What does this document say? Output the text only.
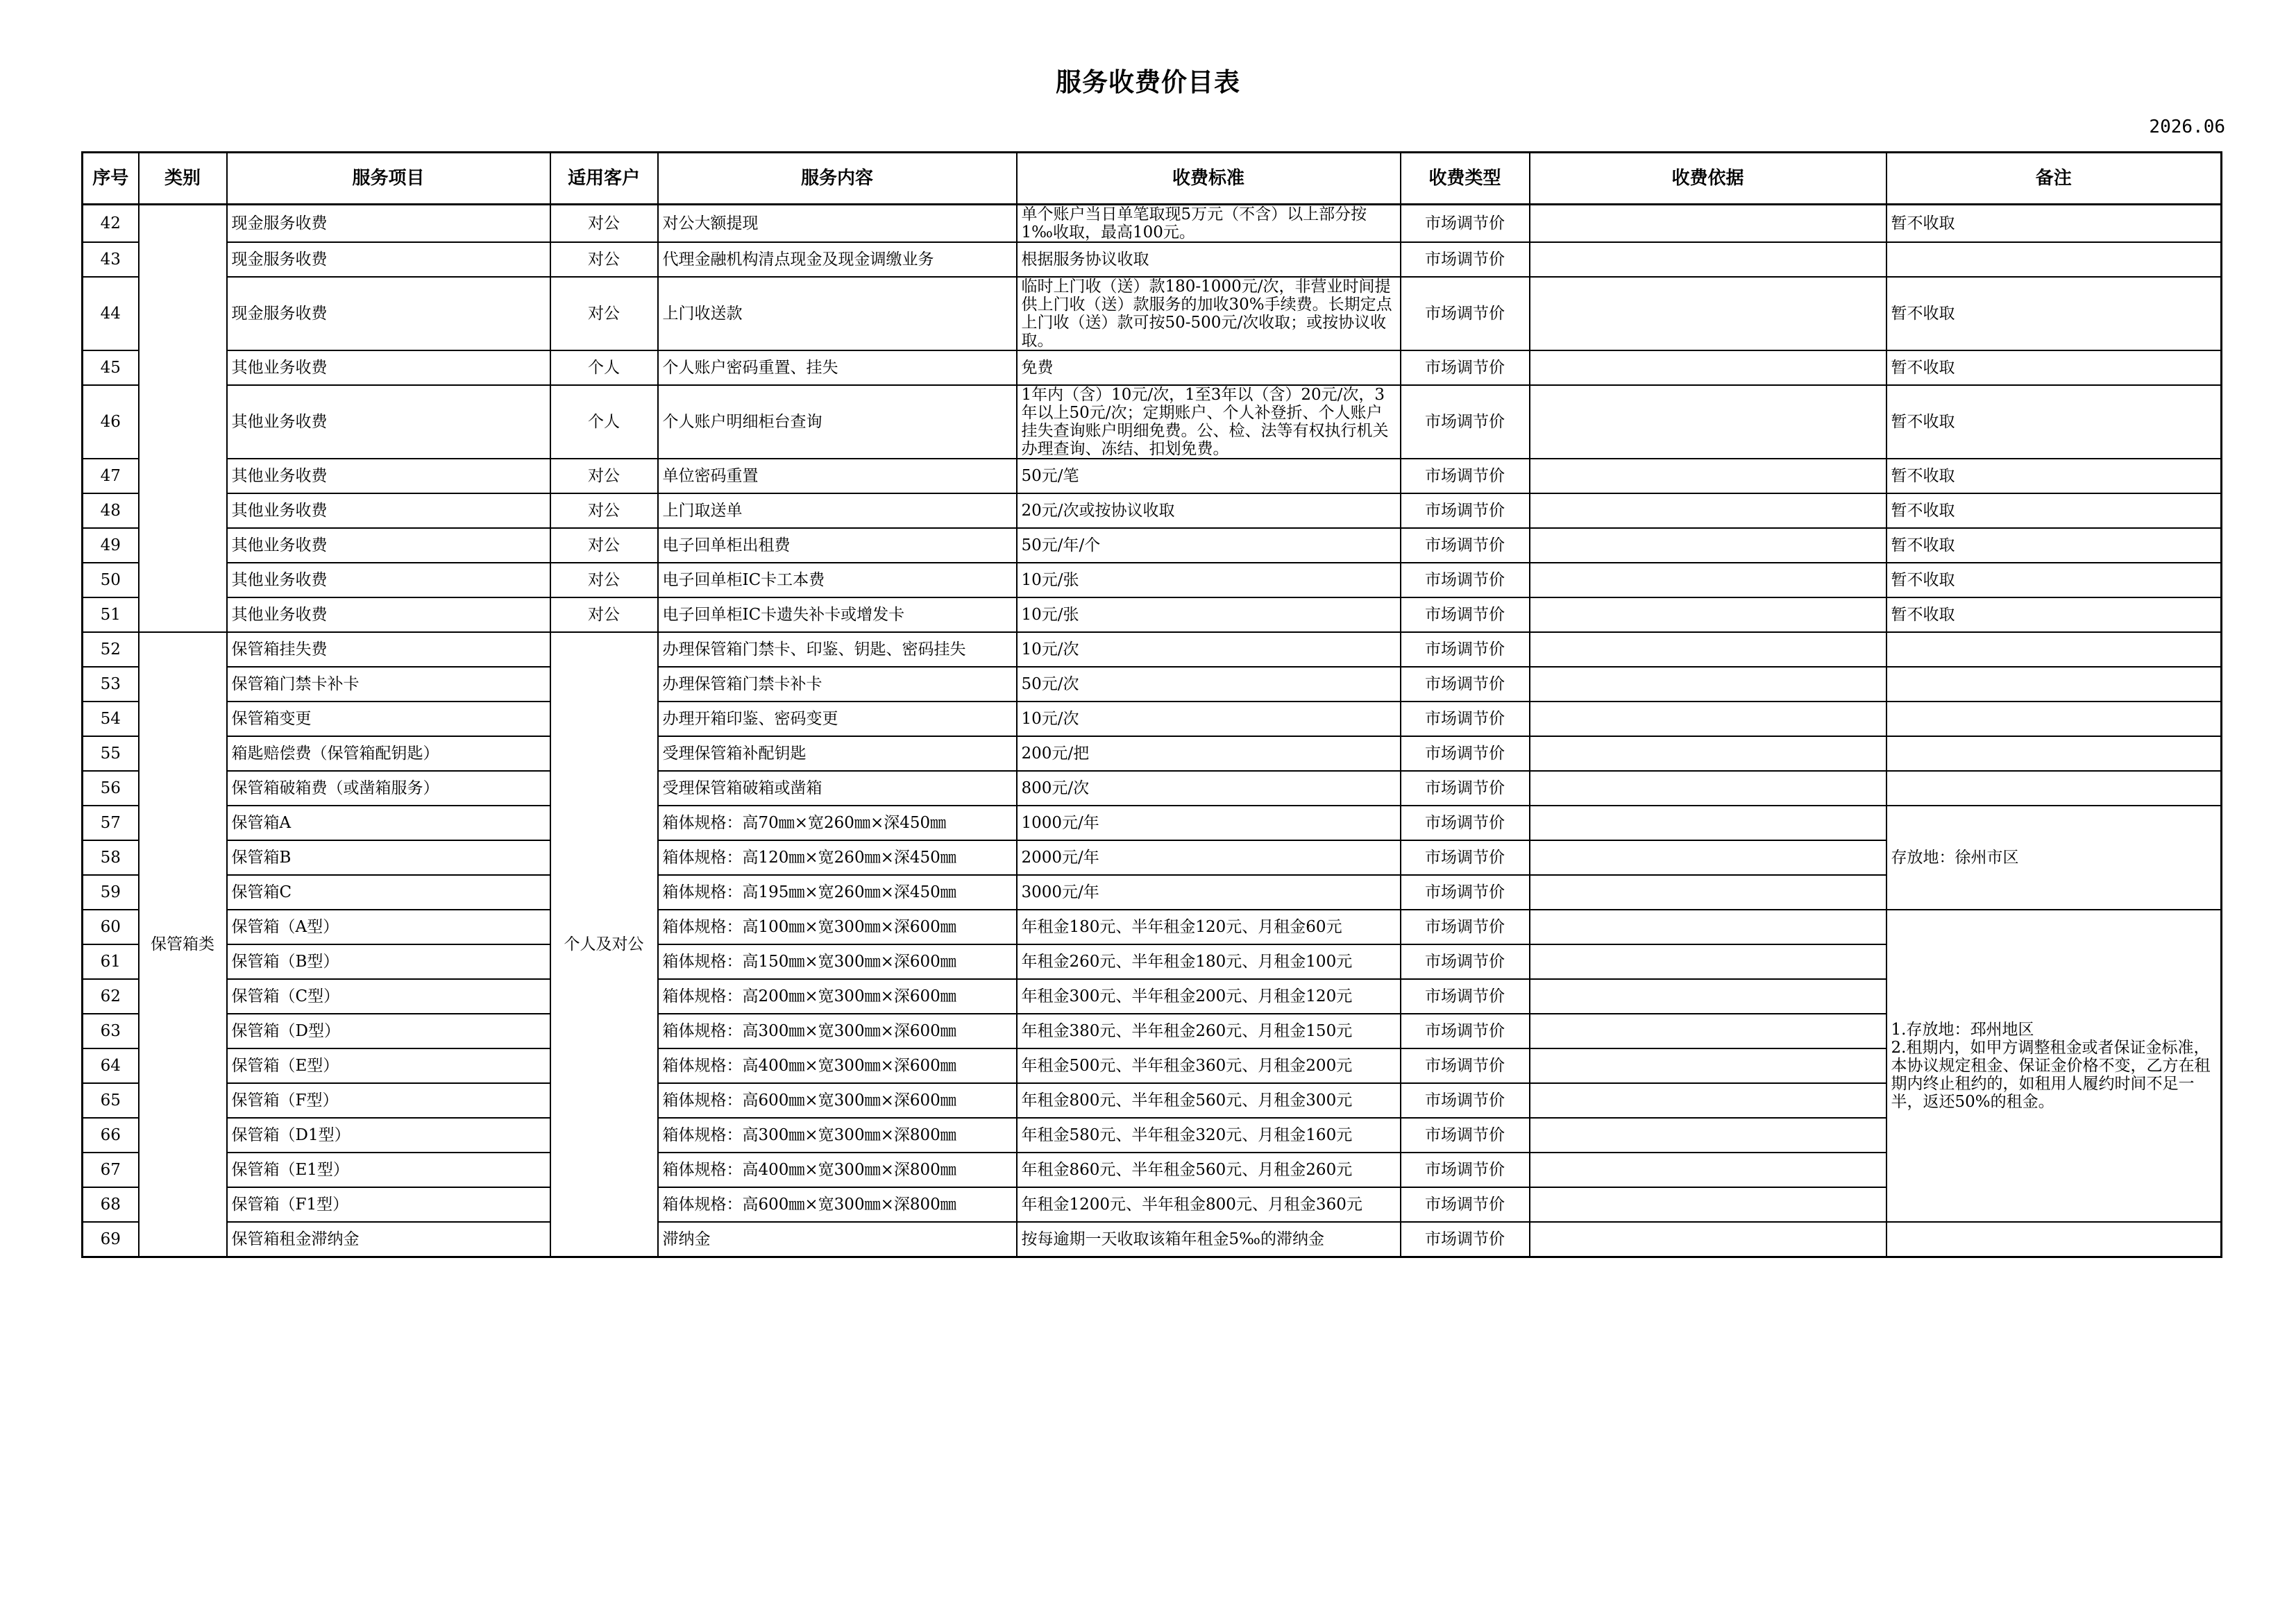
服务收费价目表
2026.06
序号	类别	服务项目	适用客户	服务内容	收费标准	收费类型	收费依据	备注
42		现金服务收费	对公	对公大额提现	单个账户当日单笔取现5万元（不含）以上部分按1‰收取，最高100元。	市场调节价		暂不收取
43		现金服务收费	对公	代理金融机构清点现金及现金调缴业务	根据服务协议收取	市场调节价		
44		现金服务收费	对公	上门收送款	临时上门收（送）款180-1000元/次，非营业时间提供上门收（送）款服务的加收30%手续费。长期定点上门收（送）款可按50-500元/次收取；或按协议收取。	市场调节价		暂不收取
45		其他业务收费	个人	个人账户密码重置、挂失	免费	市场调节价		暂不收取
46		其他业务收费	个人	个人账户明细柜台查询	1年内（含）10元/次，1至3年以（含）20元/次，3年以上50元/次；定期账户、个人补登折、个人账户挂失查询账户明细免费。公、检、法等有权执行机关办理查询、冻结、扣划免费。	市场调节价		暂不收取
47		其他业务收费	对公	单位密码重置	50元/笔	市场调节价		暂不收取
48		其他业务收费	对公	上门取送单	20元/次或按协议收取	市场调节价		暂不收取
49		其他业务收费	对公	电子回单柜出租费	50元/年/个	市场调节价		暂不收取
50		其他业务收费	对公	电子回单柜IC卡工本费	10元/张	市场调节价		暂不收取
51		其他业务收费	对公	电子回单柜IC卡遗失补卡或增发卡	10元/张	市场调节价		暂不收取
52	保管箱类	保管箱挂失费	个人及对公	办理保管箱门禁卡、印鉴、钥匙、密码挂失	10元/次	市场调节价		
53		保管箱门禁卡补卡		办理保管箱门禁卡补卡	50元/次	市场调节价		
54		保管箱变更		办理开箱印鉴、密码变更	10元/次	市场调节价		
55		箱匙赔偿费（保管箱配钥匙）		受理保管箱补配钥匙	200元/把	市场调节价		
56		保管箱破箱费（或凿箱服务）		受理保管箱破箱或凿箱	800元/次	市场调节价		
57		保管箱A		箱体规格：高70㎜×宽260㎜×深450㎜	1000元/年	市场调节价		存放地：徐州市区
58		保管箱B		箱体规格：高120㎜×宽260㎜×深450㎜	2000元/年	市场调节价		
59		保管箱C		箱体规格：高195㎜×宽260㎜×深450㎜	3000元/年	市场调节价		
60		保管箱（A型）		箱体规格：高100㎜×宽300㎜×深600㎜	年租金180元、半年租金120元、月租金60元	市场调节价		1.存放地：邳州地区
2.租期内，如甲方调整租金或者保证金标准，本协议规定租金、保证金价格不变，乙方在租期内终止租约的，如租用人履约时间不足一半，返还50%的租金。
61		保管箱（B型）		箱体规格：高150㎜×宽300㎜×深600㎜	年租金260元、半年租金180元、月租金100元	市场调节价		
62		保管箱（C型）		箱体规格：高200㎜×宽300㎜×深600㎜	年租金300元、半年租金200元、月租金120元	市场调节价		
63		保管箱（D型）		箱体规格：高300㎜×宽300㎜×深600㎜	年租金380元、半年租金260元、月租金150元	市场调节价		
64		保管箱（E型）		箱体规格：高400㎜×宽300㎜×深600㎜	年租金500元、半年租金360元、月租金200元	市场调节价		
65		保管箱（F型）		箱体规格：高600㎜×宽300㎜×深600㎜	年租金800元、半年租金560元、月租金300元	市场调节价		
66		保管箱（D1型）		箱体规格：高300㎜×宽300㎜×深800㎜	年租金580元、半年租金320元、月租金160元	市场调节价		
67		保管箱（E1型）		箱体规格：高400㎜×宽300㎜×深800㎜	年租金860元、半年租金560元、月租金260元	市场调节价		
68		保管箱（F1型）		箱体规格：高600㎜×宽300㎜×深800㎜	年租金1200元、半年租金800元、月租金360元	市场调节价		
69		保管箱租金滞纳金		滞纳金	按每逾期一天收取该箱年租金5‰的滞纳金	市场调节价		
